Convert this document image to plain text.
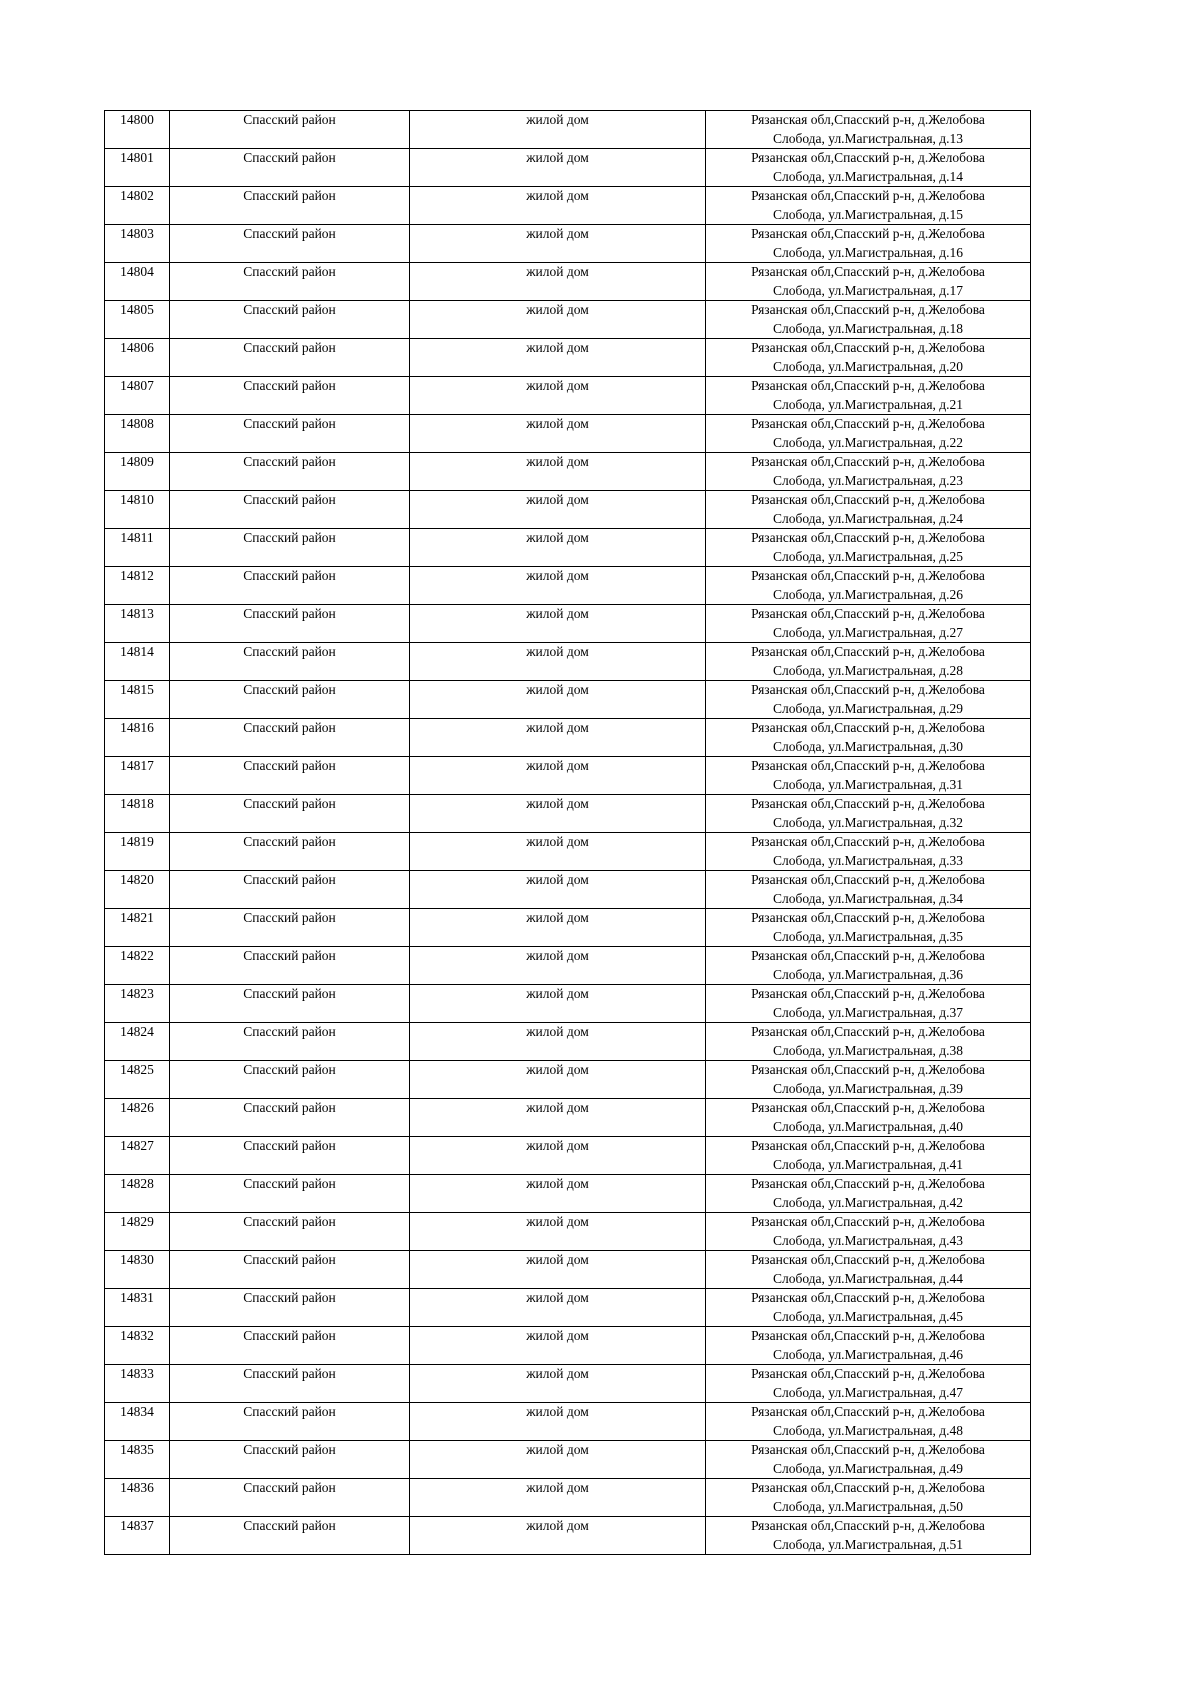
14800	Спасский район	жилой дом	Рязанская обл,Спасский р-н, д.Желобова
Слобода, ул.Магистральная, д.13

14801	Спасский район	жилой дом	Рязанская обл,Спасский р-н, д.Желобова
Слобода, ул.Магистральная, д.14

14802	Спасский район	жилой дом	Рязанская обл,Спасский р-н, д.Желобова
Слобода, ул.Магистральная, д.15

14803	Спасский район	жилой дом	Рязанская обл,Спасский р-н, д.Желобова
Слобода, ул.Магистральная, д.16

14804	Спасский район	жилой дом	Рязанская обл,Спасский р-н, д.Желобова
Слобода, ул.Магистральная, д.17

14805	Спасский район	жилой дом	Рязанская обл,Спасский р-н, д.Желобова
Слобода, ул.Магистральная, д.18

14806	Спасский район	жилой дом	Рязанская обл,Спасский р-н, д.Желобова
Слобода, ул.Магистральная, д.20

14807	Спасский район	жилой дом	Рязанская обл,Спасский р-н, д.Желобова
Слобода, ул.Магистральная, д.21

14808	Спасский район	жилой дом	Рязанская обл,Спасский р-н, д.Желобова
Слобода, ул.Магистральная, д.22

14809	Спасский район	жилой дом	Рязанская обл,Спасский р-н, д.Желобова
Слобода, ул.Магистральная, д.23

14810	Спасский район	жилой дом	Рязанская обл,Спасский р-н, д.Желобова
Слобода, ул.Магистральная, д.24

14811	Спасский район	жилой дом	Рязанская обл,Спасский р-н, д.Желобова
Слобода, ул.Магистральная, д.25

14812	Спасский район	жилой дом	Рязанская обл,Спасский р-н, д.Желобова
Слобода, ул.Магистральная, д.26

14813	Спасский район	жилой дом	Рязанская обл,Спасский р-н, д.Желобова
Слобода, ул.Магистральная, д.27

14814	Спасский район	жилой дом	Рязанская обл,Спасский р-н, д.Желобова
Слобода, ул.Магистральная, д.28

14815	Спасский район	жилой дом	Рязанская обл,Спасский р-н, д.Желобова
Слобода, ул.Магистральная, д.29

14816	Спасский район	жилой дом	Рязанская обл,Спасский р-н, д.Желобова
Слобода, ул.Магистральная, д.30

14817	Спасский район	жилой дом	Рязанская обл,Спасский р-н, д.Желобова
Слобода, ул.Магистральная, д.31

14818	Спасский район	жилой дом	Рязанская обл,Спасский р-н, д.Желобова
Слобода, ул.Магистральная, д.32

14819	Спасский район	жилой дом	Рязанская обл,Спасский р-н, д.Желобова
Слобода, ул.Магистральная, д.33

14820	Спасский район	жилой дом	Рязанская обл,Спасский р-н, д.Желобова
Слобода, ул.Магистральная, д.34

14821	Спасский район	жилой дом	Рязанская обл,Спасский р-н, д.Желобова
Слобода, ул.Магистральная, д.35

14822	Спасский район	жилой дом	Рязанская обл,Спасский р-н, д.Желобова
Слобода, ул.Магистральная, д.36

14823	Спасский район	жилой дом	Рязанская обл,Спасский р-н, д.Желобова
Слобода, ул.Магистральная, д.37

14824	Спасский район	жилой дом	Рязанская обл,Спасский р-н, д.Желобова
Слобода, ул.Магистральная, д.38

14825	Спасский район	жилой дом	Рязанская обл,Спасский р-н, д.Желобова
Слобода, ул.Магистральная, д.39

14826	Спасский район	жилой дом	Рязанская обл,Спасский р-н, д.Желобова
Слобода, ул.Магистральная, д.40

14827	Спасский район	жилой дом	Рязанская обл,Спасский р-н, д.Желобова
Слобода, ул.Магистральная, д.41

14828	Спасский район	жилой дом	Рязанская обл,Спасский р-н, д.Желобова
Слобода, ул.Магистральная, д.42

14829	Спасский район	жилой дом	Рязанская обл,Спасский р-н, д.Желобова
Слобода, ул.Магистральная, д.43

14830	Спасский район	жилой дом	Рязанская обл,Спасский р-н, д.Желобова
Слобода, ул.Магистральная, д.44

14831	Спасский район	жилой дом	Рязанская обл,Спасский р-н, д.Желобова
Слобода, ул.Магистральная, д.45

14832	Спасский район	жилой дом	Рязанская обл,Спасский р-н, д.Желобова
Слобода, ул.Магистральная, д.46

14833	Спасский район	жилой дом	Рязанская обл,Спасский р-н, д.Желобова
Слобода, ул.Магистральная, д.47

14834	Спасский район	жилой дом	Рязанская обл,Спасский р-н, д.Желобова
Слобода, ул.Магистральная, д.48

14835	Спасский район	жилой дом	Рязанская обл,Спасский р-н, д.Желобова
Слобода, ул.Магистральная, д.49

14836	Спасский район	жилой дом	Рязанская обл,Спасский р-н, д.Желобова
Слобода, ул.Магистральная, д.50

14837	Спасский район	жилой дом	Рязанская обл,Спасский р-н, д.Желобова
Слобода, ул.Магистральная, д.51
